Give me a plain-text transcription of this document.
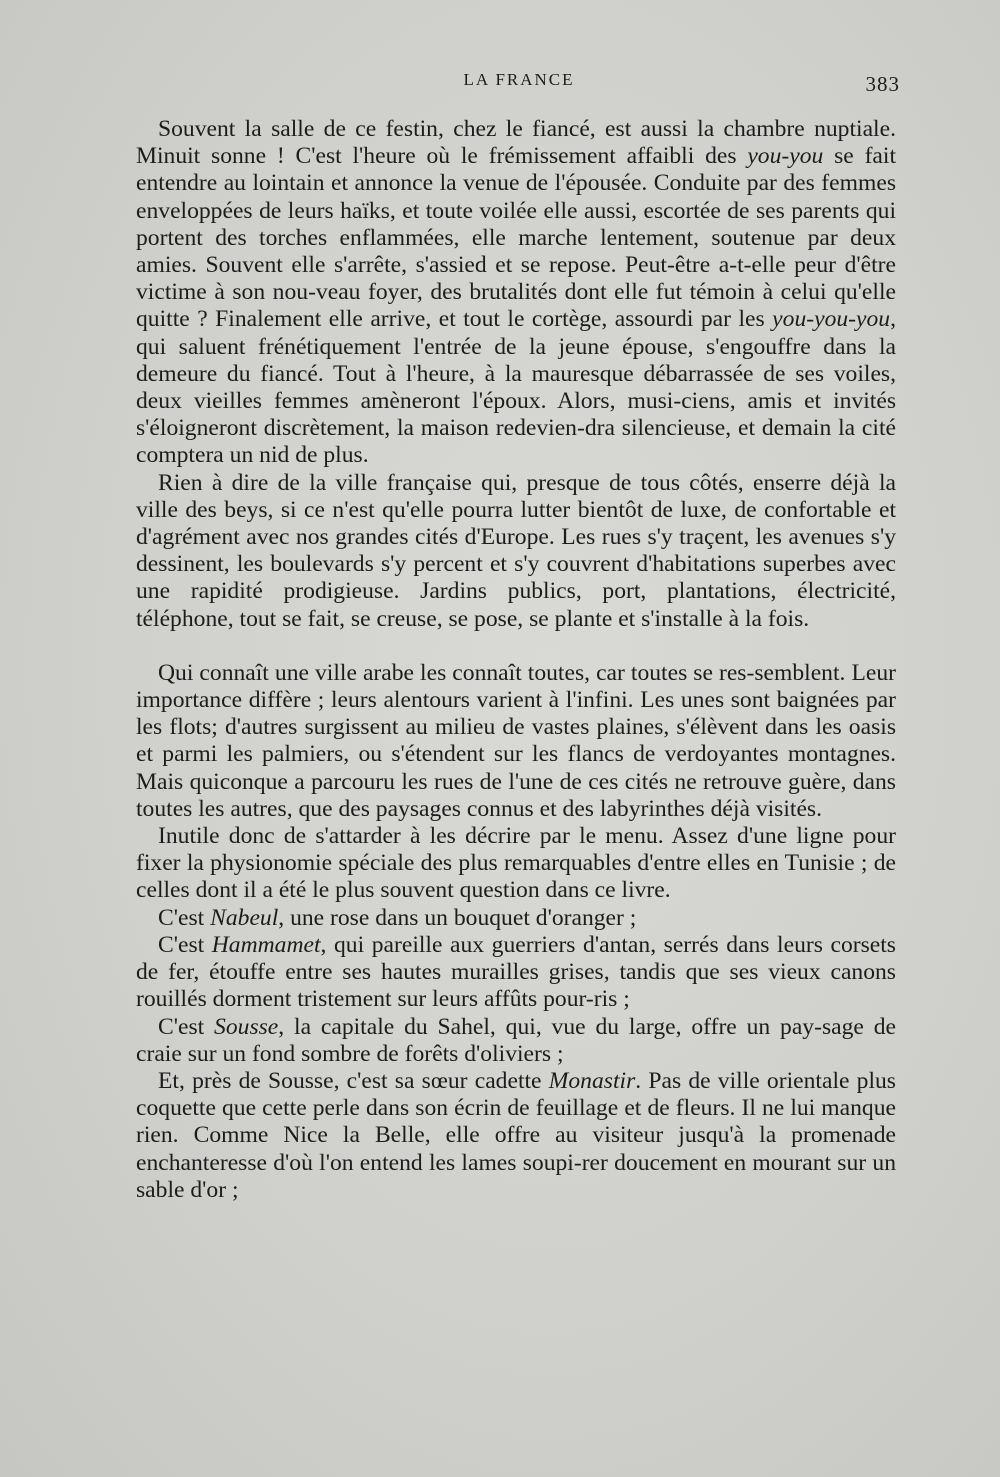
LA FRANCE	383

Souvent la salle de ce festin, chez le fiancé, est aussi la chambre nuptiale. Minuit sonne ! C'est l'heure où le frémissement affaibli des you-you se fait entendre au lointain et annonce la venue de l'épousée. Conduite par des femmes enveloppées de leurs haïks, et toute voilée elle aussi, escortée de ses parents qui portent des torches enflammées, elle marche lentement, soutenue par deux amies. Souvent elle s'arrête, s'assied et se repose. Peut-être a-t-elle peur d'être victime à son nou-veau foyer, des brutalités dont elle fut témoin à celui qu'elle quitte ? Finalement elle arrive, et tout le cortège, assourdi par les you-you-you, qui saluent frénétiquement l'entrée de la jeune épouse, s'engouffre dans la demeure du fiancé. Tout à l'heure, à la mauresque débarrassée de ses voiles, deux vieilles femmes amèneront l'époux. Alors, musi-ciens, amis et invités s'éloigneront discrètement, la maison redevien-dra silencieuse, et demain la cité comptera un nid de plus.

Rien à dire de la ville française qui, presque de tous côtés, enserre déjà la ville des beys, si ce n'est qu'elle pourra lutter bientôt de luxe, de confortable et d'agrément avec nos grandes cités d'Europe. Les rues s'y traçent, les avenues s'y dessinent, les boulevards s'y percent et s'y couvrent d'habitations superbes avec une rapidité prodigieuse. Jardins publics, port, plantations, électricité, téléphone, tout se fait, se creuse, se pose, se plante et s'installe à la fois.

Qui connaît une ville arabe les connaît toutes, car toutes se res-semblent. Leur importance diffère ; leurs alentours varient à l'infini. Les unes sont baignées par les flots; d'autres surgissent au milieu de vastes plaines, s'élèvent dans les oasis et parmi les palmiers, ou s'étendent sur les flancs de verdoyantes montagnes. Mais quiconque a parcouru les rues de l'une de ces cités ne retrouve guère, dans toutes les autres, que des paysages connus et des labyrinthes déjà visités.

Inutile donc de s'attarder à les décrire par le menu. Assez d'une ligne pour fixer la physionomie spéciale des plus remarquables d'entre elles en Tunisie ; de celles dont il a été le plus souvent question dans ce livre.

C'est Nabeul, une rose dans un bouquet d'oranger ;

C'est Hammamet, qui pareille aux guerriers d'antan, serrés dans leurs corsets de fer, étouffe entre ses hautes murailles grises, tandis que ses vieux canons rouillés dorment tristement sur leurs affûts pour-ris ;

C'est Sousse, la capitale du Sahel, qui, vue du large, offre un pay-sage de craie sur un fond sombre de forêts d'oliviers ;

Et, près de Sousse, c'est sa sœur cadette Monastir. Pas de ville orientale plus coquette que cette perle dans son écrin de feuillage et de fleurs. Il ne lui manque rien. Comme Nice la Belle, elle offre au visiteur jusqu'à la promenade enchanteresse d'où l'on entend les lames soupi-rer doucement en mourant sur un sable d'or ;
